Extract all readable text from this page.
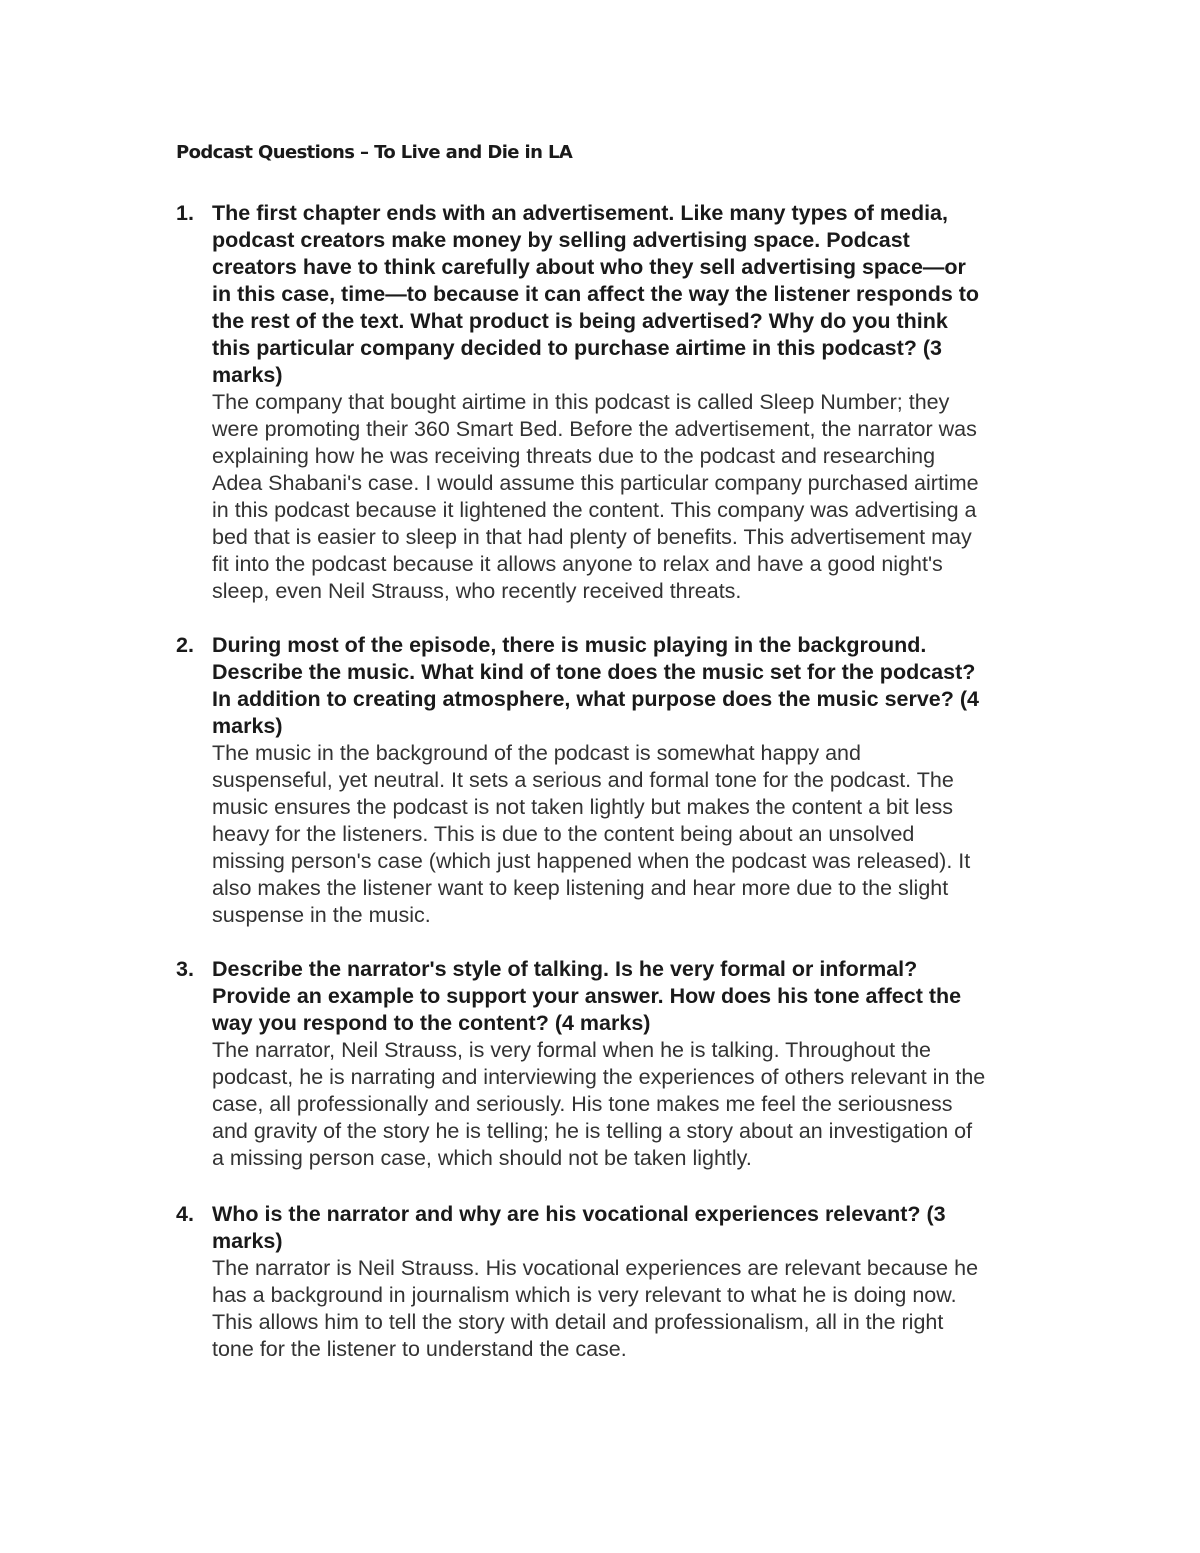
Podcast Questions – To Live and Die in LA
1. The first chapter ends with an advertisement. Like many types of media,
podcast creators make money by selling advertising space. Podcast
creators have to think carefully about who they sell advertising space—or
in this case, time—to because it can affect the way the listener responds to
the rest of the text. What product is being advertised? Why do you think
this particular company decided to purchase airtime in this podcast? (3
marks)
The company that bought airtime in this podcast is called Sleep Number; they
were promoting their 360 Smart Bed. Before the advertisement, the narrator was
explaining how he was receiving threats due to the podcast and researching
Adea Shabani's case. I would assume this particular company purchased airtime
in this podcast because it lightened the content. This company was advertising a
bed that is easier to sleep in that had plenty of benefits. This advertisement may
fit into the podcast because it allows anyone to relax and have a good night's
sleep, even Neil Strauss, who recently received threats.
2. During most of the episode, there is music playing in the background.
Describe the music. What kind of tone does the music set for the podcast?
In addition to creating atmosphere, what purpose does the music serve? (4
marks)
The music in the background of the podcast is somewhat happy and
suspenseful, yet neutral. It sets a serious and formal tone for the podcast. The
music ensures the podcast is not taken lightly but makes the content a bit less
heavy for the listeners. This is due to the content being about an unsolved
missing person's case (which just happened when the podcast was released). It
also makes the listener want to keep listening and hear more due to the slight
suspense in the music.
3. Describe the narrator's style of talking. Is he very formal or informal?
Provide an example to support your answer. How does his tone affect the
way you respond to the content? (4 marks)
The narrator, Neil Strauss, is very formal when he is talking. Throughout the
podcast, he is narrating and interviewing the experiences of others relevant in the
case, all professionally and seriously. His tone makes me feel the seriousness
and gravity of the story he is telling; he is telling a story about an investigation of
a missing person case, which should not be taken lightly.
4. Who is the narrator and why are his vocational experiences relevant? (3
marks)
The narrator is Neil Strauss. His vocational experiences are relevant because he
has a background in journalism which is very relevant to what he is doing now.
This allows him to tell the story with detail and professionalism, all in the right
tone for the listener to understand the case.
